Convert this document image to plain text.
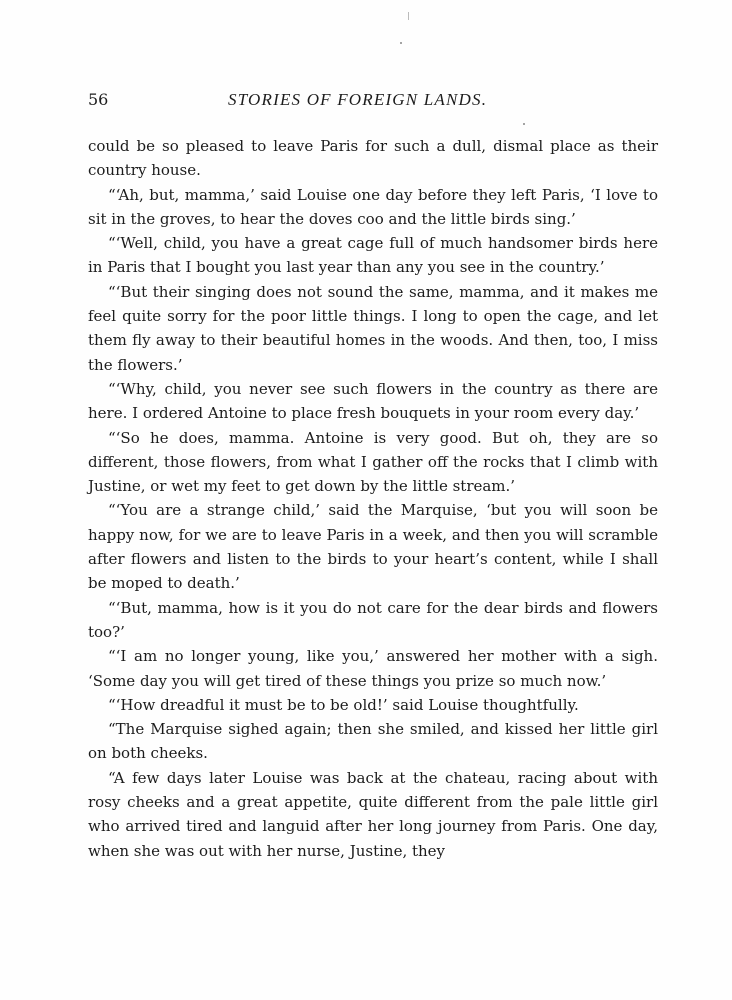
56	STORIES OF FOREIGN LANDS.

could be so pleased to leave Paris for such a dull, dismal place as their country house.

“‘Ah, but, mamma,’ said Louise one day before they left Paris, ‘I love to sit in the groves, to hear the doves coo and the little birds sing.’

“‘Well, child, you have a great cage full of much handsomer birds here in Paris that I bought you last year than any you see in the country.’

“‘But their singing does not sound the same, mamma, and it makes me feel quite sorry for the poor little things. I long to open the cage, and let them fly away to their beautiful homes in the woods. And then, too, I miss the flowers.’

“‘Why, child, you never see such flowers in the country as there are here. I ordered Antoine to place fresh bouquets in your room every day.’

“‘So he does, mamma. Antoine is very good. But oh, they are so different, those flowers, from what I gather off the rocks that I climb with Justine, or wet my feet to get down by the little stream.’

“‘You are a strange child,’ said the Marquise, ‘but you will soon be happy now, for we are to leave Paris in a week, and then you will scramble after flowers and listen to the birds to your heart’s content, while I shall be moped to death.’

“‘But, mamma, how is it you do not care for the dear birds and flowers too?’

“‘I am no longer young, like you,’ answered her mother with a sigh. ‘Some day you will get tired of these things you prize so much now.’

“‘How dreadful it must be to be old!’ said Louise thoughtfully.

“The Marquise sighed again; then she smiled, and kissed her little girl on both cheeks.

“A few days later Louise was back at the chateau, racing about with rosy cheeks and a great appetite, quite different from the pale little girl who arrived tired and languid after her long journey from Paris. One day, when she was out with her nurse, Justine, they
